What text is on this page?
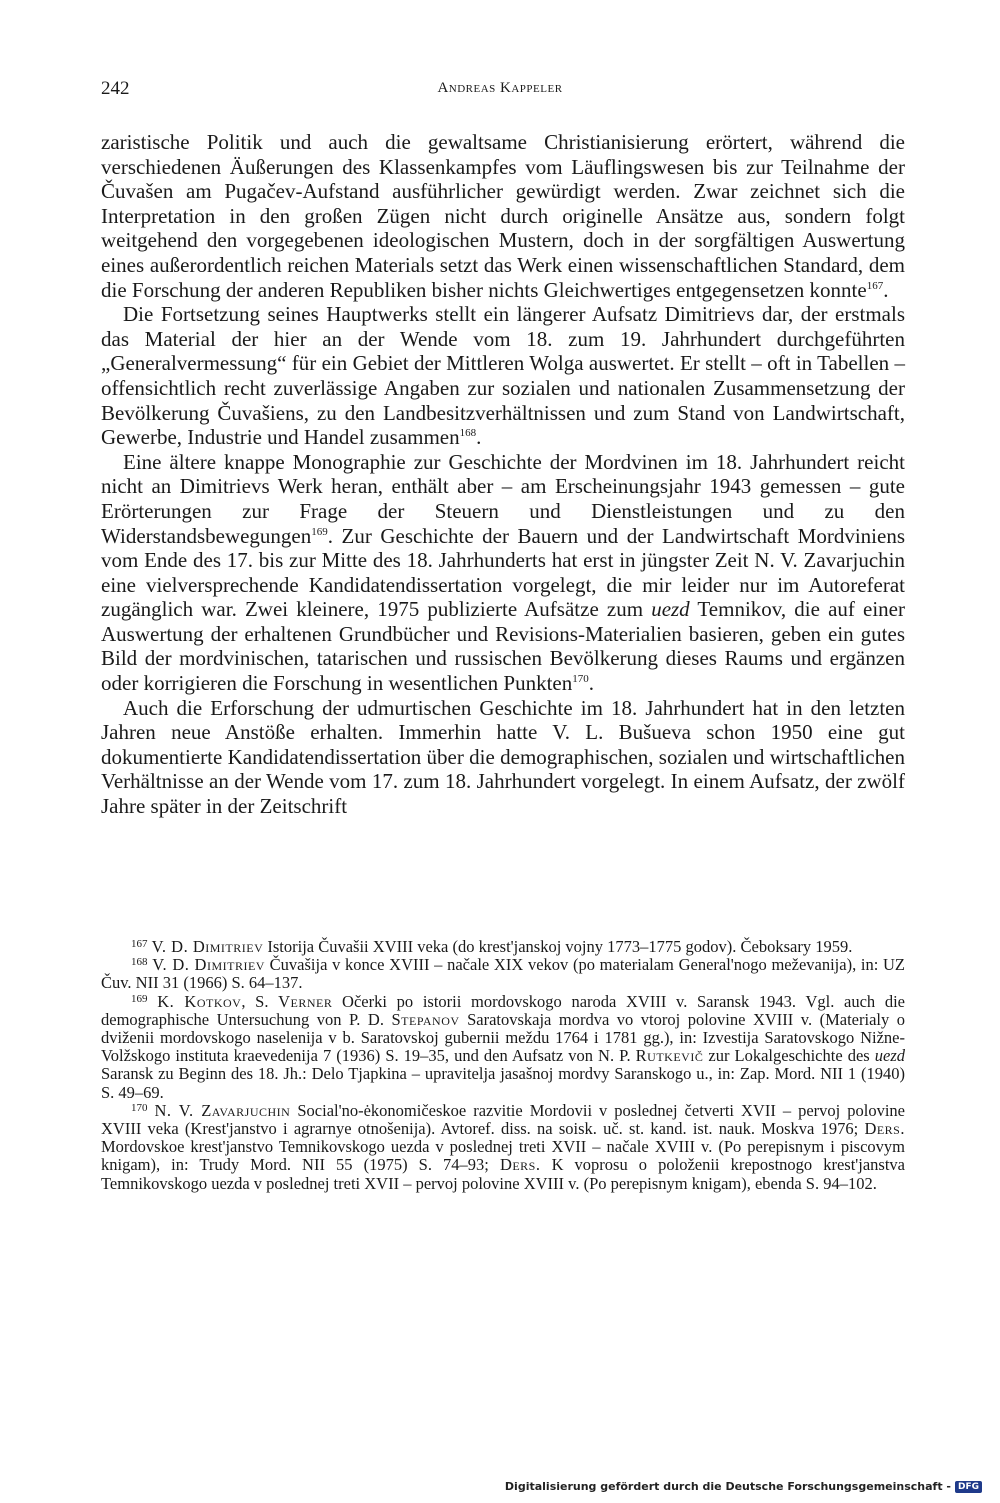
242	Andreas Kappeler

zaristische Politik und auch die gewaltsame Christianisierung erörtert, während die verschiedenen Äußerungen des Klassenkampfes vom Läuflingswesen bis zur Teilnahme der Čuvašen am Pugačev-Aufstand ausführlicher gewürdigt werden. Zwar zeichnet sich die Interpretation in den großen Zügen nicht durch originelle Ansätze aus, sondern folgt weitgehend den vorgegebenen ideologischen Mustern, doch in der sorgfältigen Auswertung eines außerordentlich reichen Materials setzt das Werk einen wissenschaftlichen Standard, dem die Forschung der anderen Republiken bisher nichts Gleichwertiges entgegensetzen konnte$^{167}$.

Die Fortsetzung seines Hauptwerks stellt ein längerer Aufsatz Dimitrievs dar, der erstmals das Material der hier an der Wende vom 18. zum 19. Jahrhundert durchgeführten „Generalvermessung“ für ein Gebiet der Mittleren Wolga auswertet. Er stellt – oft in Tabellen – offensichtlich recht zuverlässige Angaben zur sozialen und nationalen Zusammensetzung der Bevölkerung Čuvašiens, zu den Landbesitzverhältnissen und zum Stand von Landwirtschaft, Gewerbe, Industrie und Handel zusammen$^{168}$.

Eine ältere knappe Monographie zur Geschichte der Mordvinen im 18. Jahrhundert reicht nicht an Dimitrievs Werk heran, enthält aber – am Erscheinungsjahr 1943 gemessen – gute Erörterungen zur Frage der Steuern und Dienstleistungen und zu den Widerstandsbewegungen$^{169}$. Zur Geschichte der Bauern und der Landwirtschaft Mordviniens vom Ende des 17. bis zur Mitte des 18. Jahrhunderts hat erst in jüngster Zeit N. V. Zavarjuchin eine vielversprechende Kandidatendissertation vorgelegt, die mir leider nur im Autoreferat zugänglich war. Zwei kleinere, 1975 publizierte Aufsätze zum uezd Temnikov, die auf einer Auswertung der erhaltenen Grundbücher und Revisions-Materialien basieren, geben ein gutes Bild der mordvinischen, tatarischen und russischen Bevölkerung dieses Raums und ergänzen oder korrigieren die Forschung in wesentlichen Punkten$^{170}$.

Auch die Erforschung der udmurtischen Geschichte im 18. Jahrhundert hat in den letzten Jahren neue Anstöße erhalten. Immerhin hatte V. L. Bušueva schon 1950 eine gut dokumentierte Kandidatendissertation über die demographischen, sozialen und wirtschaftlichen Verhältnisse an der Wende vom 17. zum 18. Jahrhundert vorgelegt. In einem Aufsatz, der zwölf Jahre später in der Zeitschrift

$^{167}$ V. D. Dimitriev Istorija Čuvašii XVIII veka (do krest'janskoj vojny 1773–1775 godov). Čeboksary 1959.

$^{168}$ V. D. Dimitriev Čuvašija v konce XVIII – načale XIX vekov (po materialam General'nogo meževanija), in: UZ Čuv. NII 31 (1966) S. 64–137.

$^{169}$ K. Kotkov, S. Verner Očerki po istorii mordovskogo naroda XVIII v. Saransk 1943. Vgl. auch die demographische Untersuchung von P. D. Stepanov Saratovskaja mordva vo vtoroj polovine XVIII v. (Materialy o dviženii mordovskogo naselenija v b. Saratovskoj gubernii meždu 1764 i 1781 gg.), in: Izvestija Saratovskogo Nižne-Volžskogo instituta kraevedenija 7 (1936) S. 19–35, und den Aufsatz von N. P. Rutkevič zur Lokalgeschichte des uezd Saransk zu Beginn des 18. Jh.: Delo Tjapkina – upravitelja jasašnoj mordvy Saranskogo u., in: Zap. Mord. NII 1 (1940) S. 49–69.

$^{170}$ N. V. Zavarjuchin Social'no-ėkonomičeskoe razvitie Mordovii v poslednej četverti XVII – pervoj polovine XVIII veka (Krest'janstvo i agrarnye otnošenija). Avtoref. diss. na soisk. uč. st. kand. ist. nauk. Moskva 1976; Ders. Mordovskoe krest'janstvo Temnikovskogo uezda v poslednej treti XVII – načale XVIII v. (Po perepisnym i piscovym knigam), in: Trudy Mord. NII 55 (1975) S. 74–93; Ders. K voprosu o položenii krepostnogo krest'janstva Temnikovskogo uezda v poslednej treti XVII – pervoj polovine XVIII v. (Po perepisnym knigam), ebenda S. 94–102.

Digitalisierung gefördert durch die Deutsche Forschungsgemeinschaft - DFG
